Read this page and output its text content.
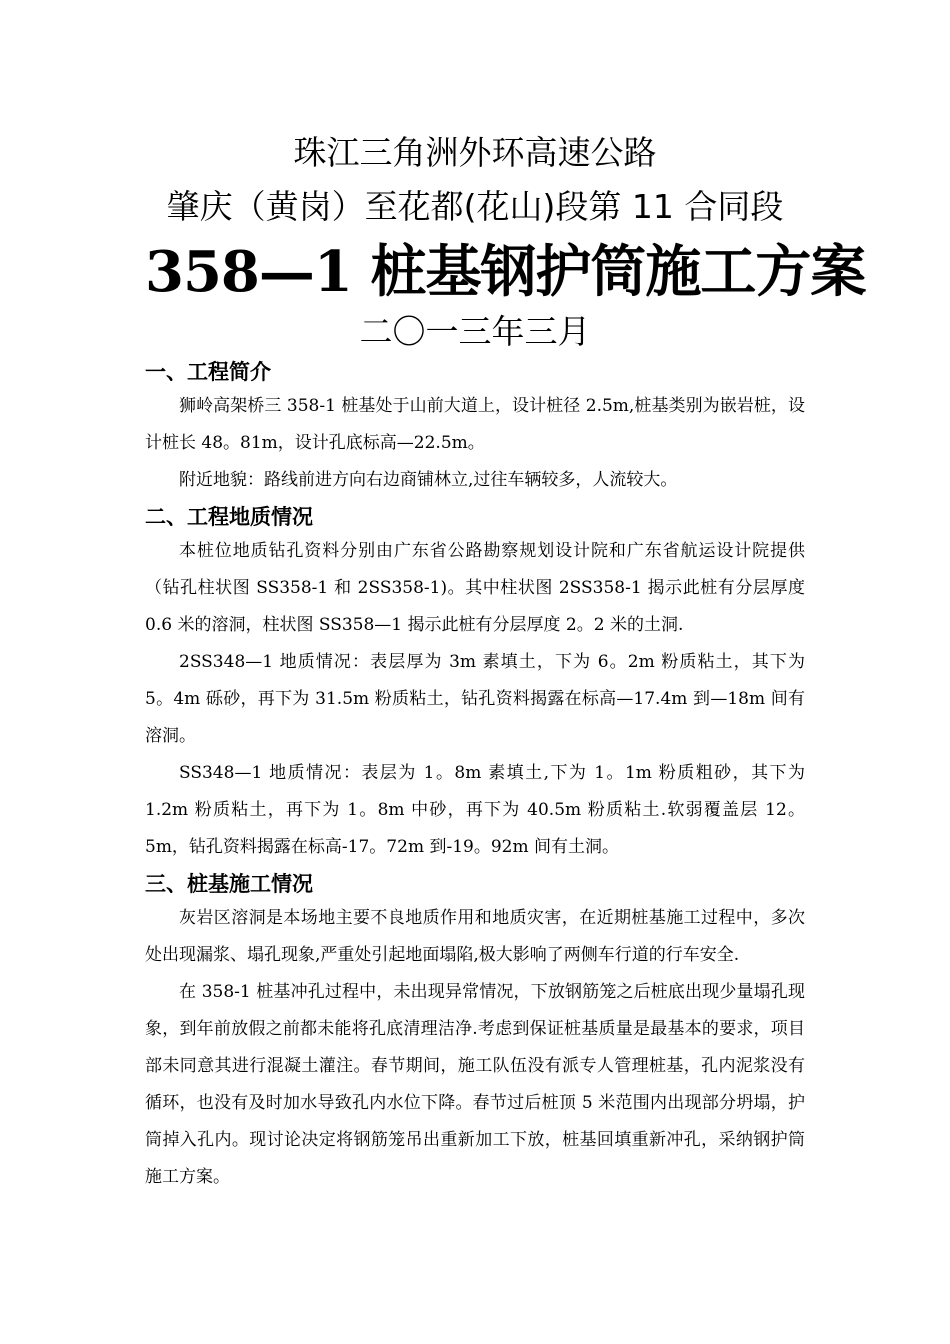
珠江三角洲外环高速公路
肇庆（黄岗）至花都(花山)段第 11 合同段
358—1 桩基钢护筒施工方案
二〇一三年三月
一、工程简介

狮岭高架桥三 358-1 桩基处于山前大道上，设计桩径 2.5m,桩基类别为嵌岩桩，设计桩长 48。81m，设计孔底标高—22.5m。

附近地貌：路线前进方向右边商铺林立,过往车辆较多，人流较大。

二、工程地质情况

本桩位地质钻孔资料分别由广东省公路勘察规划设计院和广东省航运设计院提供（钻孔柱状图 SS358-1 和 2SS358-1)。其中柱状图 2SS358-1 揭示此桩有分层厚度 0.6 米的溶洞，柱状图 SS358—1 揭示此桩有分层厚度 2。2 米的土洞.

2SS348—1 地质情况：表层厚为 3m 素填土，下为 6。2m 粉质粘土，其下为 5。4m 砾砂，再下为 31.5m 粉质粘土，钻孔资料揭露在标高—17.4m 到—18m 间有溶洞。

SS348—1 地质情况：表层为 1。8m 素填土,下为 1。1m 粉质粗砂，其下为 1.2m 粉质粘土，再下为 1。8m 中砂，再下为 40.5m 粉质粘土.软弱覆盖层 12。5m，钻孔资料揭露在标高-17。72m 到-19。92m 间有土洞。

三、桩基施工情况

灰岩区溶洞是本场地主要不良地质作用和地质灾害，在近期桩基施工过程中，多次处出现漏浆、塌孔现象,严重处引起地面塌陷,极大影响了两侧车行道的行车安全.

在 358-1 桩基冲孔过程中，未出现异常情况，下放钢筋笼之后桩底出现少量塌孔现象，到年前放假之前都未能将孔底清理洁净.考虑到保证桩基质量是最基本的要求，项目部未同意其进行混凝土灌注。春节期间，施工队伍没有派专人管理桩基，孔内泥浆没有循环，也没有及时加水导致孔内水位下降。春节过后桩顶 5 米范围内出现部分坍塌，护筒掉入孔内。现讨论决定将钢筋笼吊出重新加工下放，桩基回填重新冲孔，采纳钢护筒施工方案。
